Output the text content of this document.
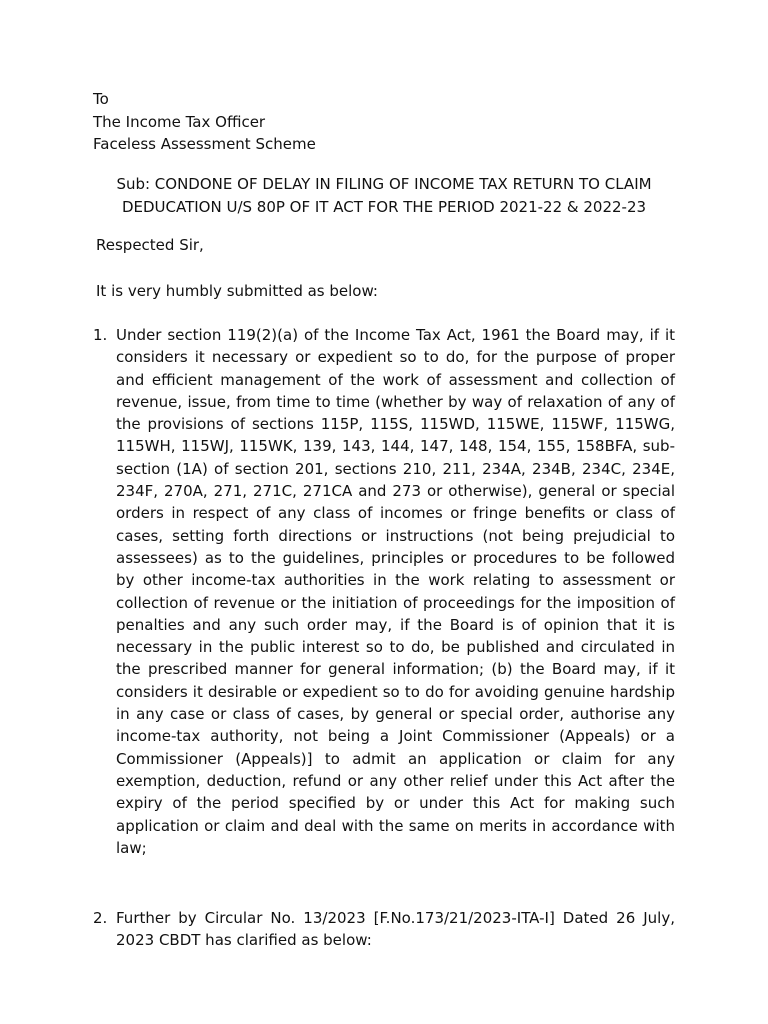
To
The Income Tax Officer
Faceless Assessment Scheme
Sub: CONDONE OF DELAY IN FILING OF INCOME TAX RETURN TO CLAIM
DEDUCATION U/S 80P OF IT ACT FOR THE PERIOD 2021-22 & 2022-23
Respected Sir,
It is very humbly submitted as below:
1. Under section 119(2)(a) of the Income Tax Act, 1961 the Board may, if it considers it necessary or expedient so to do, for the purpose of proper and efficient management of the work of assessment and collection of revenue, issue, from time to time (whether by way of relaxation of any of the provisions of sections 115P, 115S, 115WD, 115WE, 115WF, 115WG, 115WH, 115WJ, 115WK, 139, 143, 144, 147, 148, 154, 155, 158BFA, sub-section (1A) of section 201, sections 210, 211, 234A, 234B, 234C, 234E, 234F, 270A, 271, 271C, 271CA and 273 or otherwise), general or special orders in respect of any class of incomes or fringe benefits or class of cases, setting forth directions or instructions (not being prejudicial to assessees) as to the guidelines, principles or procedures to be followed by other income-tax authorities in the work relating to assessment or collection of revenue or the initiation of proceedings for the imposition of penalties and any such order may, if the Board is of opinion that it is necessary in the public interest so to do, be published and circulated in the prescribed manner for general information; (b) the Board may, if it considers it desirable or expedient so to do for avoiding genuine hardship in any case or class of cases, by general or special order, authorise any income-tax authority, not being a Joint Commissioner (Appeals) or a Commissioner (Appeals)] to admit an application or claim for any exemption, deduction, refund or any other relief under this Act after the expiry of the period specified by or under this Act for making such application or claim and deal with the same on merits in accordance with law;
2. Further by Circular No. 13/2023 [F.No.173/21/2023-ITA-I] Dated 26 July, 2023 CBDT has clarified as below:
